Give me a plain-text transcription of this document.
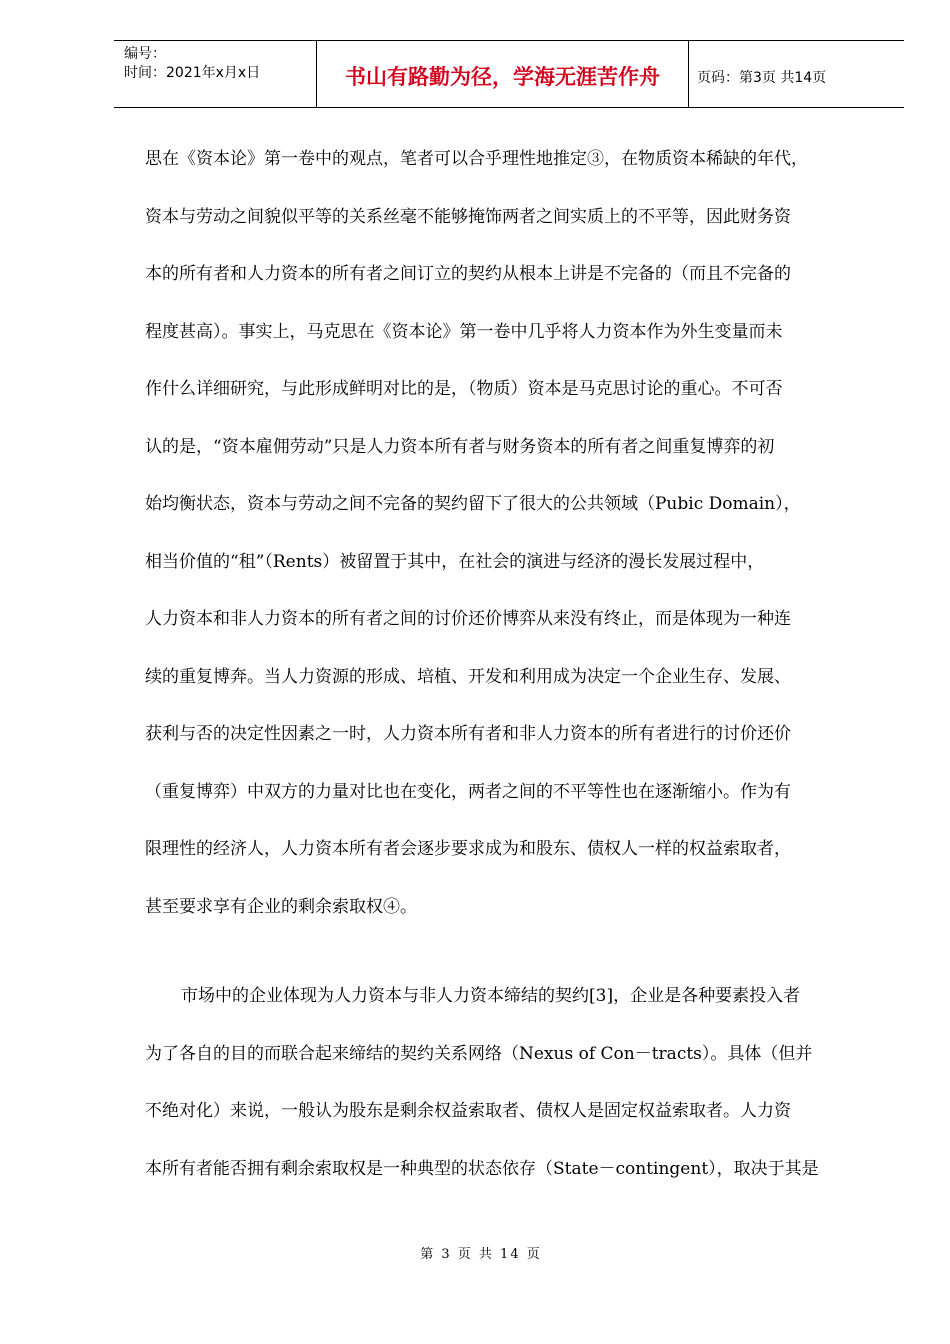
编号：
时间：2021年x月x日	书山有路勤为径，学海无涯苦作舟	页码：第3页 共14页

思在《资本论》第一卷中的观点，笔者可以合乎理性地推定③，在物质资本稀缺的年代，
资本与劳动之间貌似平等的关系丝毫不能够掩饰两者之间实质上的不平等，因此财务资
本的所有者和人力资本的所有者之间订立的契约从根本上讲是不完备的（而且不完备的
程度甚高）。事实上，马克思在《资本论》第一卷中几乎将人力资本作为外生变量而未
作什么详细研究，与此形成鲜明对比的是，（物质）资本是马克思讨论的重心。不可否
认的是，“资本雇佣劳动”只是人力资本所有者与财务资本的所有者之间重复博弈的初
始均衡状态，资本与劳动之间不完备的契约留下了很大的公共领域（Pubic Domain），
相当价值的“租”（Rents）被留置于其中，在社会的演进与经济的漫长发展过程中，
人力资本和非人力资本的所有者之间的讨价还价博弈从来没有终止，而是体现为一种连
续的重复博奔。当人力资源的形成、培植、开发和利用成为决定一个企业生存、发展、
获利与否的决定性因素之一时，人力资本所有者和非人力资本的所有者进行的讨价还价
（重复博弈）中双方的力量对比也在变化，两者之间的不平等性也在逐渐缩小。作为有
限理性的经济人，人力资本所有者会逐步要求成为和股东、债权人一样的权益索取者，
甚至要求享有企业的剩余索取权④。

市场中的企业体现为人力资本与非人力资本缔结的契约[3]，企业是各种要素投入者
为了各自的目的而联合起来缔结的契约关系网络（Nexus of Con－tracts）。具体（但并
不绝对化）来说，一般认为股东是剩余权益索取者、债权人是固定权益索取者。人力资
本所有者能否拥有剩余索取权是一种典型的状态依存（State－contingent），取决于其是

第 3 页 共 14 页
